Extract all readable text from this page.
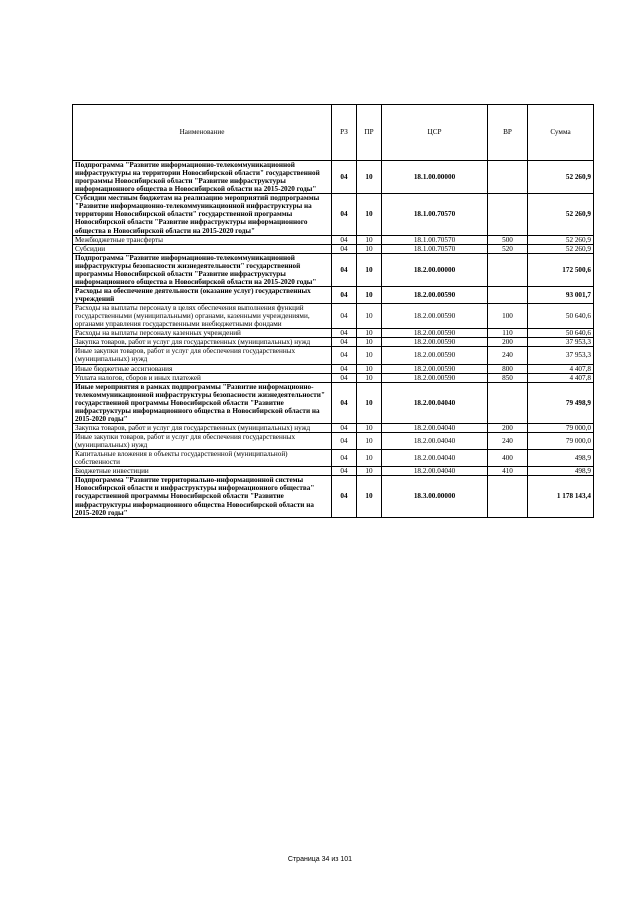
Наименование	РЗ	ПР	ЦСР	ВР	Сумма
Подпрограмма "Развитие информационно-телекоммуникационной инфраструктуры на территории Новосибирской области" государственной программы Новосибирской области "Развитие инфраструктуры информационного общества в Новосибирской области на 2015-2020 годы"	04	10	18.1.00.00000		52 260,9
Субсидии местным бюджетам на реализацию мероприятий подпрограммы "Развитие информационно-телекоммуникационной инфраструктуры на территории Новосибирской области" государственной программы Новосибирской области "Развитие инфраструктуры информационного общества в Новосибирской области на 2015-2020 годы"	04	10	18.1.00.70570		52 260,9
Межбюджетные трансферты	04	10	18.1.00.70570	500	52 260,9
Субсидии	04	10	18.1.00.70570	520	52 260,9
Подпрограмма "Развитие информационно-телекоммуникационной инфраструктуры безопасности жизнедеятельности" государственной программы Новосибирской области "Развитие инфраструктуры информационного общества в Новосибирской области на 2015-2020 годы"	04	10	18.2.00.00000		172 500,6
Расходы на обеспечение деятельности (оказание услуг) государственных учреждений	04	10	18.2.00.00590		93 001,7
Расходы на выплаты персоналу в целях обеспечения выполнения функций государственными (муниципальными) органами, казенными учреждениями, органами управления государственными внебюджетными фондами	04	10	18.2.00.00590	100	50 640,6
Расходы на выплаты персоналу казенных учреждений	04	10	18.2.00.00590	110	50 640,6
Закупка товаров, работ и услуг для государственных (муниципальных) нужд	04	10	18.2.00.00590	200	37 953,3
Иные закупки товаров, работ и услуг для обеспечения государственных (муниципальных) нужд	04	10	18.2.00.00590	240	37 953,3
Иные бюджетные ассигнования	04	10	18.2.00.00590	800	4 407,8
Уплата налогов, сборов и иных платежей	04	10	18.2.00.00590	850	4 407,8
Иные мероприятия в рамках подпрограммы "Развитие информационно-телекоммуникационной инфраструктуры безопасности жизнедеятельности" государственной программы Новосибирской области "Развитие инфраструктуры информационного общества в Новосибирской области на 2015-2020 годы"	04	10	18.2.00.04040		79 498,9
Закупка товаров, работ и услуг для государственных (муниципальных) нужд	04	10	18.2.00.04040	200	79 000,0
Иные закупки товаров, работ и услуг для обеспечения государственных (муниципальных) нужд	04	10	18.2.00.04040	240	79 000,0
Капитальные вложения в объекты государственной (муниципальной) собственности	04	10	18.2.00.04040	400	498,9
Бюджетные инвестиции	04	10	18.2.00.04040	410	498,9
Подпрограмма "Развитие территориально-информационной системы Новосибирской области и инфраструктуры информационного общества" государственной программы Новосибирской области "Развитие инфраструктуры информационного общества Новосибирской области на 2015-2020 годы"	04	10	18.3.00.00000		1 178 143,4
Страница 34 из 101
